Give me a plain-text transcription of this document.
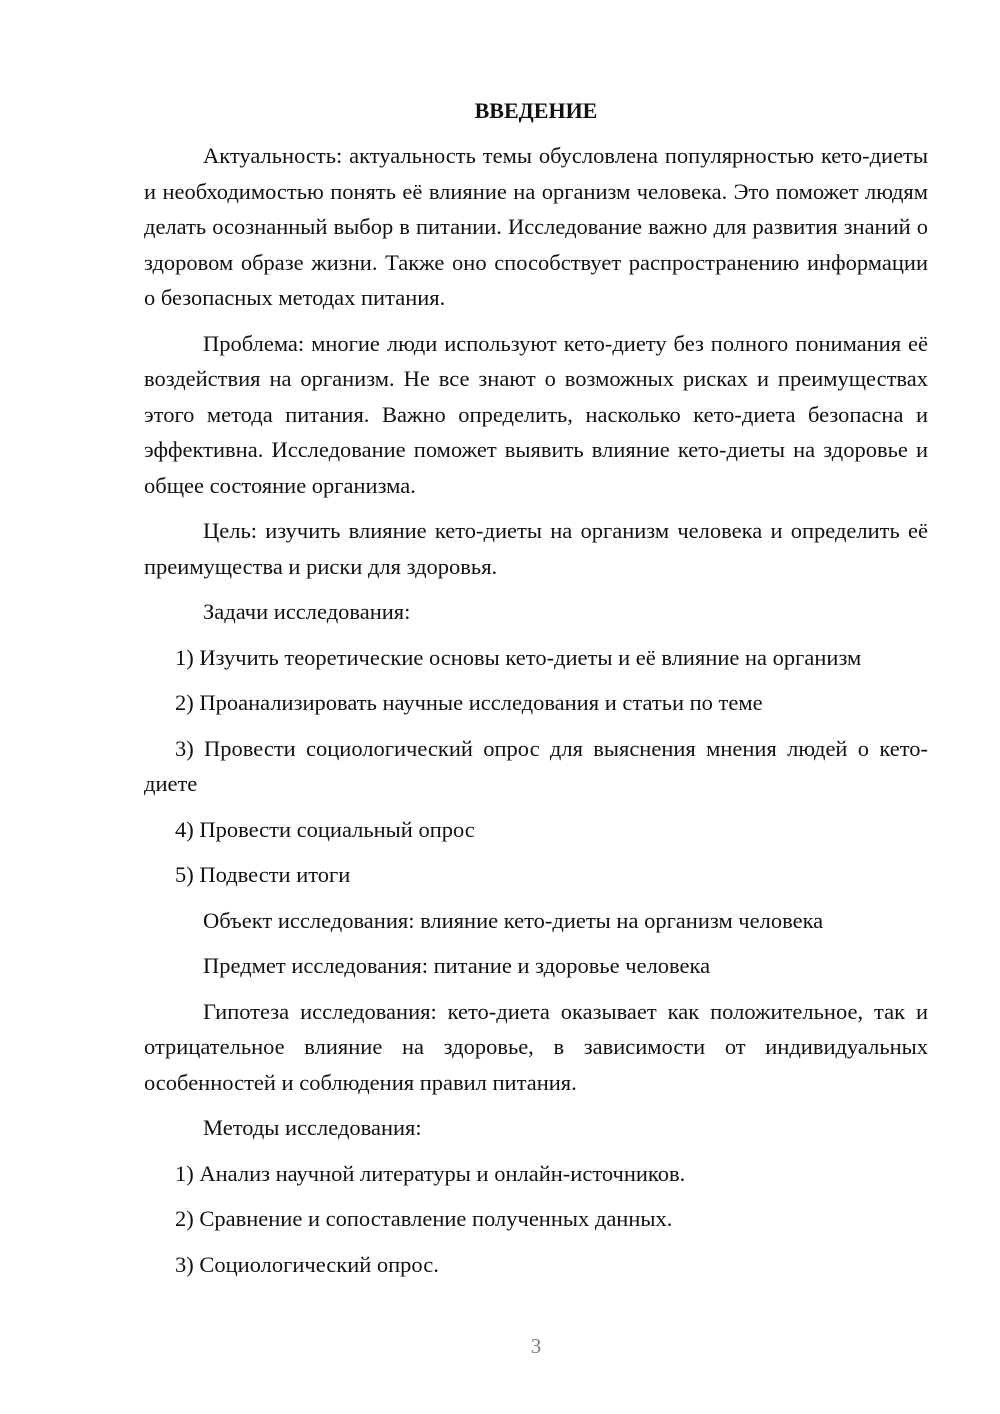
ВВЕДЕНИЕ
Актуальность: актуальность темы обусловлена популярностью кето-диеты и необходимостью понять её влияние на организм человека. Это поможет людям делать осознанный выбор в питании. Исследование важно для развития знаний о здоровом образе жизни. Также оно способствует распространению информации о безопасных методах питания.
Проблема: многие люди используют кето-диету без полного понимания её воздействия на организм. Не все знают о возможных рисках и преимуществах этого метода питания. Важно определить, насколько кето-диета безопасна и эффективна. Исследование поможет выявить влияние кето-диеты на здоровье и общее состояние организма.
Цель: изучить влияние кето-диеты на организм человека и определить её преимущества и риски для здоровья.
Задачи исследования:
1) Изучить теоретические основы кето-диеты и её влияние на организм
2) Проанализировать научные исследования и статьи по теме
3) Провести социологический опрос для выяснения мнения людей о кето-диете
4) Провести социальный опрос
5) Подвести итоги
Объект исследования: влияние кето-диеты на организм человека
Предмет исследования: питание и здоровье человека
Гипотеза исследования: кето-диета оказывает как положительное, так и отрицательное влияние на здоровье, в зависимости от индивидуальных особенностей и соблюдения правил питания.
Методы исследования:
1) Анализ научной литературы и онлайн-источников.
2) Сравнение и сопоставление полученных данных.
3) Социологический опрос.
3
